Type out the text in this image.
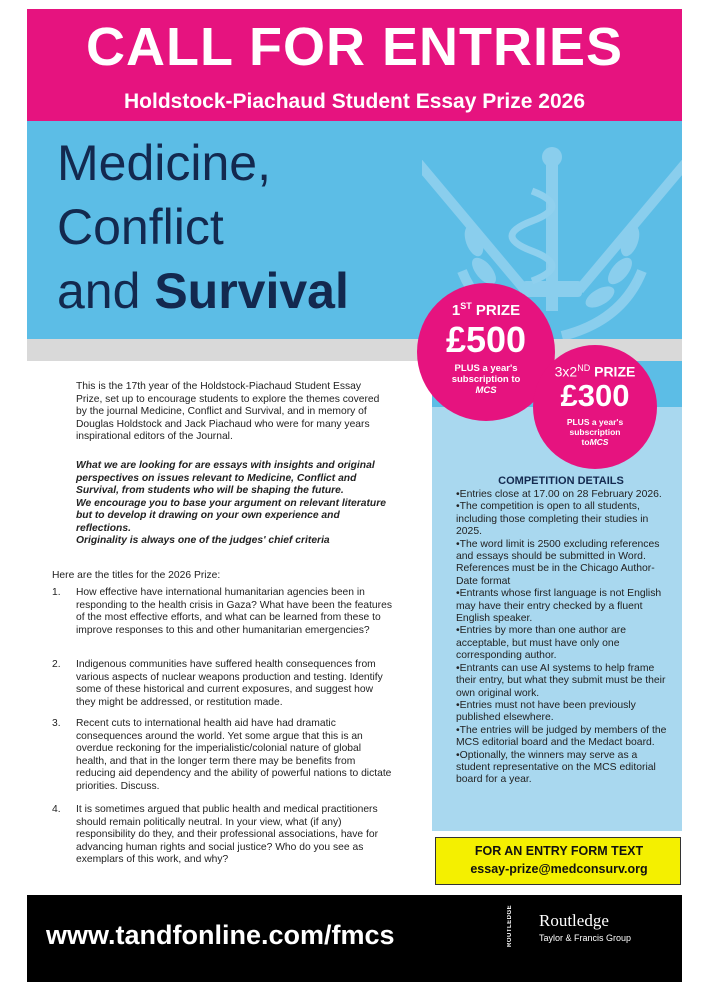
CALL FOR ENTRIES
Holdstock-Piachaud Student Essay Prize 2026
Medicine,
Conflict
and Survival	1ST PRIZE
£500
PLUS a year's subscription to
MCS
3x2ND PRIZE
£300
PLUS a year's subscription
toMCS
COMPETITION DETAILS

•Entries close at 17.00 on 28 February 2026.

•The competition is open to all students, including those completing their studies in 2025.

•The word limit is 2500 excluding references and essays should be submitted in Word.

References must be in the Chicago Author-Date format

•Entrants whose first language is not English may have their entry checked by a fluent English speaker.

•Entries by more than one author are acceptable, but must have only one corresponding author.

•Entrants can use AI systems to help frame their entry, but what they submit must be their own original work.

•Entries must not have been previously published elsewhere.

•The entries will be judged by members of the MCS editorial board and the Medact board.

•Optionally, the winners may serve as a student representative on the MCS editorial board for a year.

FOR AN ENTRY FORM TEXT
essay-prize@medconsurv.org

This is the 17th year of the Holdstock-Piachaud Student Essay Prize, set up to encourage students to explore the themes covered by the journal Medicine, Conflict and Survival, and in memory of Douglas Holdstock and Jack Piachaud who were for many years inspirational editors of the Journal.

What we are looking for are essays with insights and original perspectives on issues relevant to Medicine, Conflict and Survival, from students who will be shaping the future.

We encourage you to base your argument on relevant literature but to develop it drawing on your own experience and reflections.

Originality is always one of the judges' chief criteria

Here are the titles for the 2026 Prize:
1. How effective have international humanitarian agencies been in responding to the health crisis in Gaza? What have been the features of the most effective efforts, and what can be learned from these to improve responses to this and other humanitarian emergencies?
2. Indigenous communities have suffered health consequences from various aspects of nuclear weapons production and testing. Identify some of these historical and current exposures, and suggest how they might be addressed, or restitution made.
3. Recent cuts to international health aid have had dramatic consequences around the world. Yet some argue that this is an overdue reckoning for the imperialistic/colonial nature of global health, and that in the longer term there may be benefits from reducing aid dependency and the ability of powerful nations to dictate priorities. Discuss.
4. It is sometimes argued that public health and medical practitioners should remain politically neutral. In your view, what (if any) responsibility do they, and their professional associations, have for advancing human rights and social justice? Who do you see as exemplars of this work, and why?
www.tandfonline.com/fmcs	ROUTLEDGE	Routledge
Taylor & Francis Group
